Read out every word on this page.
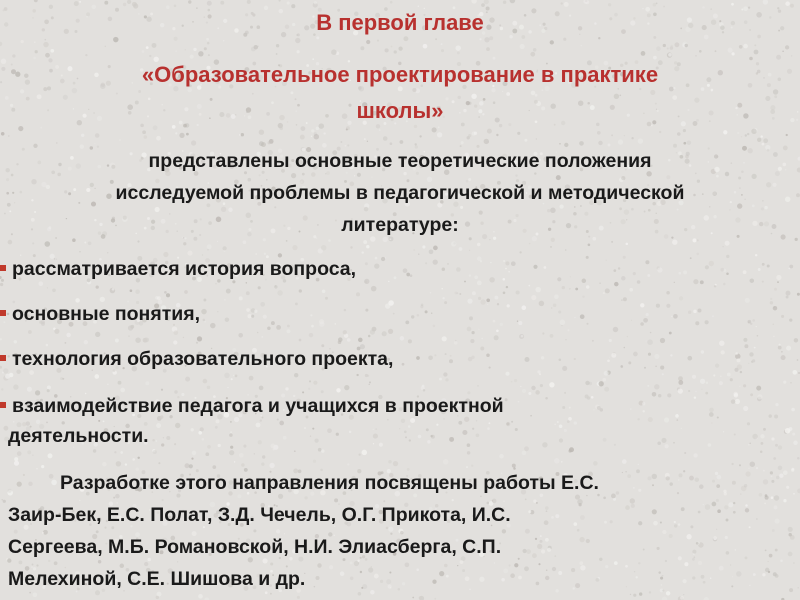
В первой главе
«Образовательное проектирование в практике
школы»
представлены основные теоретические положения
исследуемой проблемы в педагогической и методической
литературе:
рассматривается история вопроса,
основные понятия,
технология образовательного проекта,
взаимодействие педагога и учащихся в проектной
деятельности.
Разработке этого направления посвящены работы Е.С.
Заир-Бек, Е.С. Полат, З.Д. Чечель, О.Г. Прикота, И.С.
Сергеева, М.Б. Романовской, Н.И. Элиасберга, С.П.
Мелехиной, С.Е. Шишова и др.
